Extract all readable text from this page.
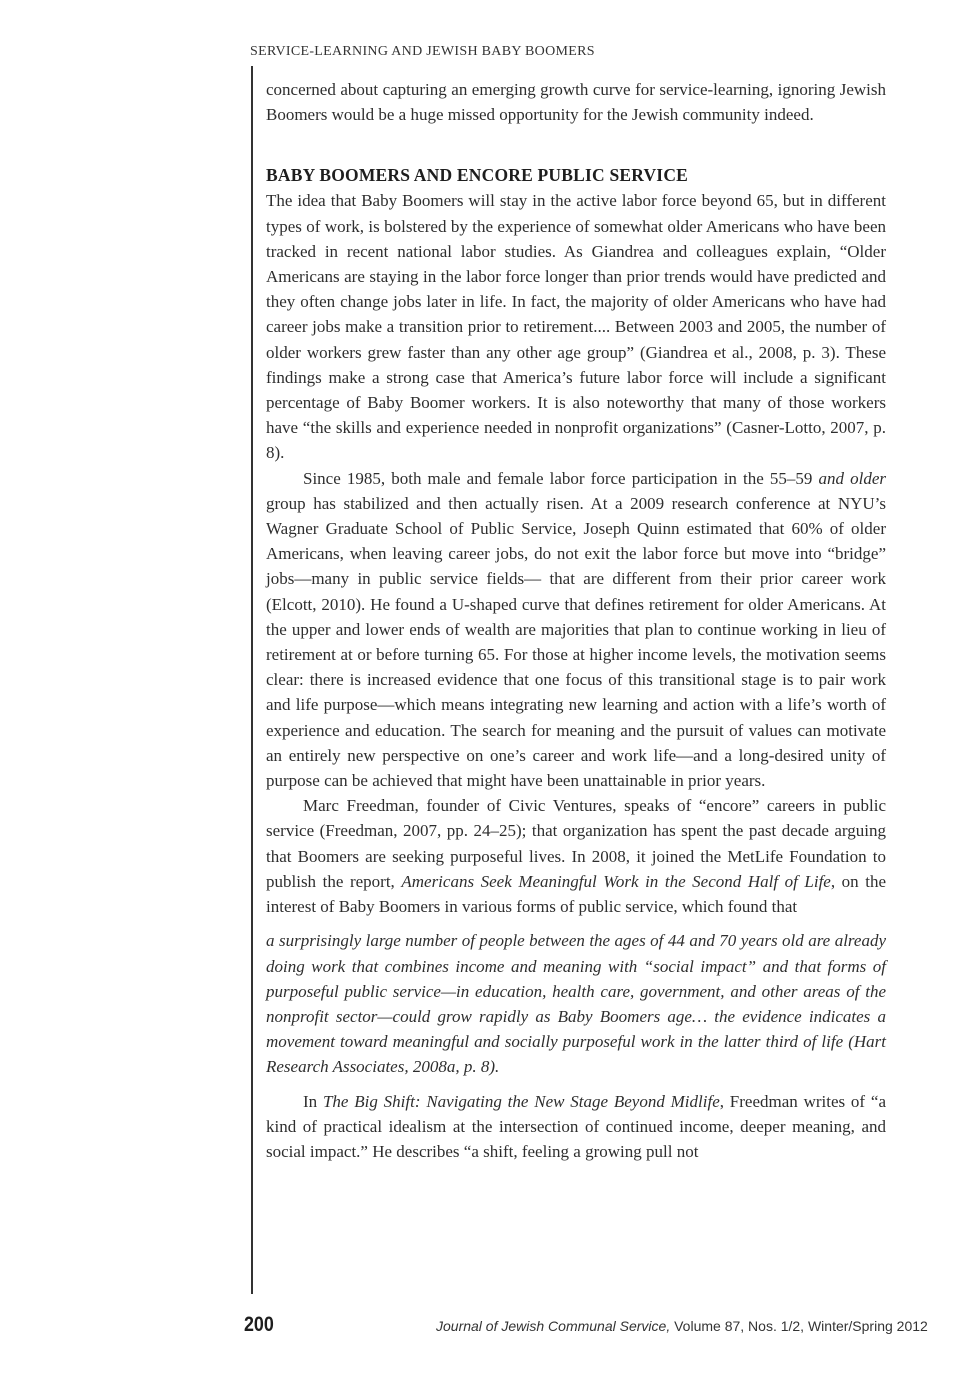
SERVICE-LEARNING AND JEWISH BABY BOOMERS

concerned about capturing an emerging growth curve for service-learning, ignoring Jewish Boomers would be a huge missed opportunity for the Jewish community indeed.

BABY BOOMERS AND ENCORE PUBLIC SERVICE

The idea that Baby Boomers will stay in the active labor force beyond 65, but in different types of work, is bolstered by the experience of somewhat older Americans who have been tracked in recent national labor studies. As Giandrea and colleagues explain, “Older Americans are staying in the labor force longer than prior trends would have predicted and they often change jobs later in life. In fact, the majority of older Americans who have had career jobs make a transition prior to retirement.... Between 2003 and 2005, the number of older workers grew faster than any other age group” (Giandrea et al., 2008, p. 3). These findings make a strong case that America’s future labor force will include a significant percentage of Baby Boomer workers. It is also noteworthy that many of those workers have “the skills and experience needed in nonprofit organizations” (Casner-Lotto, 2007, p. 8).

Since 1985, both male and female labor force participation in the 55–59 and older group has stabilized and then actually risen. At a 2009 research conference at NYU’s Wagner Graduate School of Public Service, Joseph Quinn estimated that 60% of older Americans, when leaving career jobs, do not exit the labor force but move into “bridge” jobs—many in public service fields— that are different from their prior career work (Elcott, 2010). He found a U-shaped curve that defines retirement for older Americans. At the upper and lower ends of wealth are majorities that plan to continue working in lieu of retirement at or before turning 65. For those at higher income levels, the motivation seems clear: there is increased evidence that one focus of this transitional stage is to pair work and life purpose—which means integrating new learning and action with a life’s worth of experience and education. The search for meaning and the pursuit of values can motivate an entirely new perspective on one’s career and work life—and a long-desired unity of purpose can be achieved that might have been unattainable in prior years.

Marc Freedman, founder of Civic Ventures, speaks of “encore” careers in public service (Freedman, 2007, pp. 24–25); that organization has spent the past decade arguing that Boomers are seeking purposeful lives. In 2008, it joined the MetLife Foundation to publish the report, Americans Seek Meaningful Work in the Second Half of Life, on the interest of Baby Boomers in various forms of public service, which found that

a surprisingly large number of people between the ages of 44 and 70 years old are already doing work that combines income and meaning with “social impact” and that forms of purposeful public service—in education, health care, government, and other areas of the nonprofit sector—could grow rapidly as Baby Boomers age… the evidence indicates a movement toward meaningful and socially purposeful work in the latter third of life (Hart Research Associates, 2008a, p. 8).

In The Big Shift: Navigating the New Stage Beyond Midlife, Freedman writes of “a kind of practical idealism at the intersection of continued income, deeper meaning, and social impact.” He describes “a shift, feeling a growing pull not

200	Journal of Jewish Communal Service, Volume 87, Nos. 1/2, Winter/Spring 2012
